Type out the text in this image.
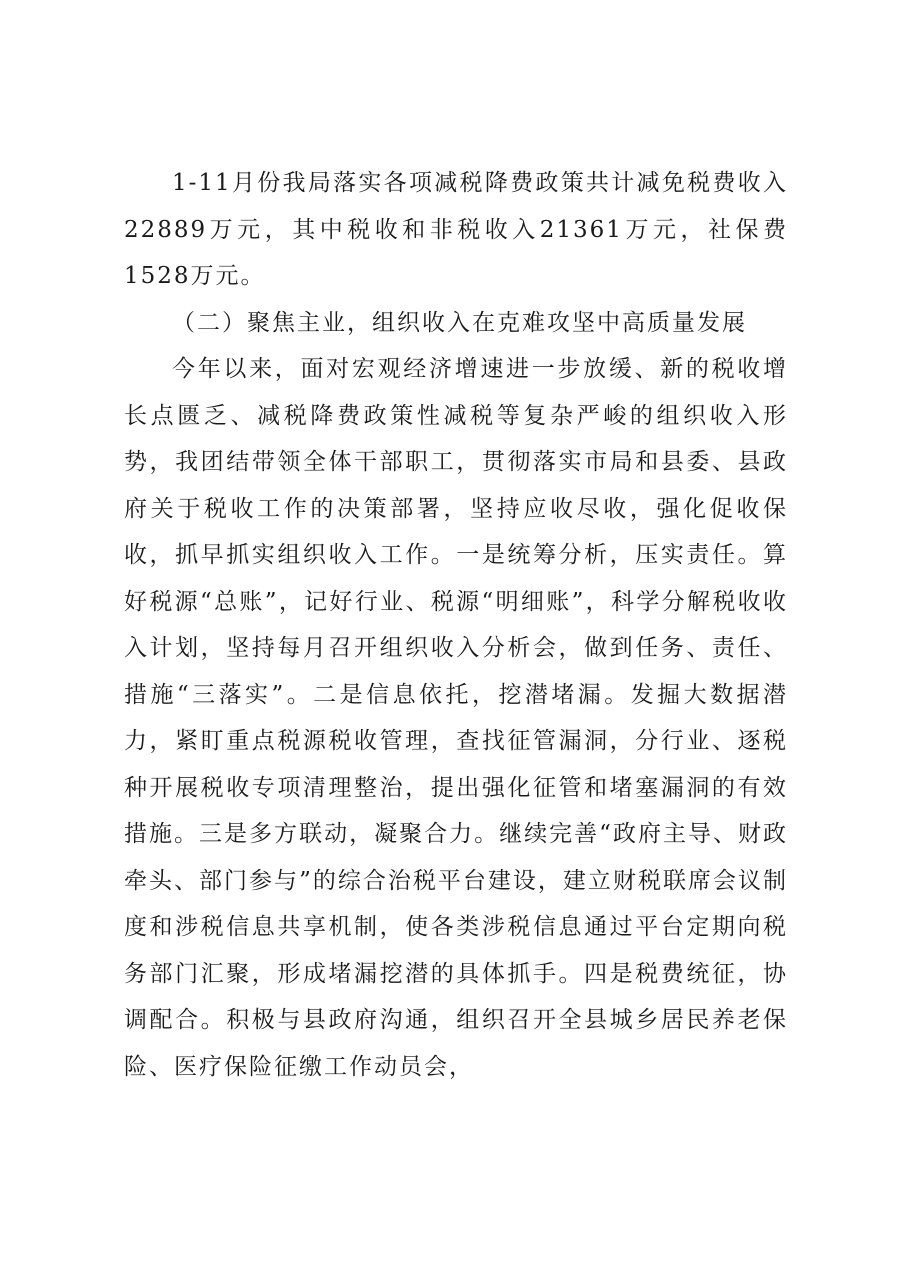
1-11月份我局落实各项减税降费政策共计减免税费收入22889万元，其中税收和非税收入21361万元，社保费1528万元。

（二）聚焦主业，组织收入在克难攻坚中高质量发展

今年以来，面对宏观经济增速进一步放缓、新的税收增长点匮乏、减税降费政策性减税等复杂严峻的组织收入形势，我团结带领全体干部职工，贯彻落实市局和县委、县政府关于税收工作的决策部署，坚持应收尽收，强化促收保收，抓早抓实组织收入工作。一是统筹分析，压实责任。算好税源“总账”，记好行业、税源“明细账”，科学分解税收收入计划，坚持每月召开组织收入分析会，做到任务、责任、措施“三落实”。二是信息依托，挖潜堵漏。发掘大数据潜力，紧盯重点税源税收管理，查找征管漏洞，分行业、逐税种开展税收专项清理整治，提出强化征管和堵塞漏洞的有效措施。三是多方联动，凝聚合力。继续完善“政府主导、财政牵头、部门参与”的综合治税平台建设，建立财税联席会议制度和涉税信息共享机制，使各类涉税信息通过平台定期向税务部门汇聚，形成堵漏挖潜的具体抓手。四是税费统征，协调配合。积极与县政府沟通，组织召开全县城乡居民养老保险、医疗保险征缴工作动员会，
